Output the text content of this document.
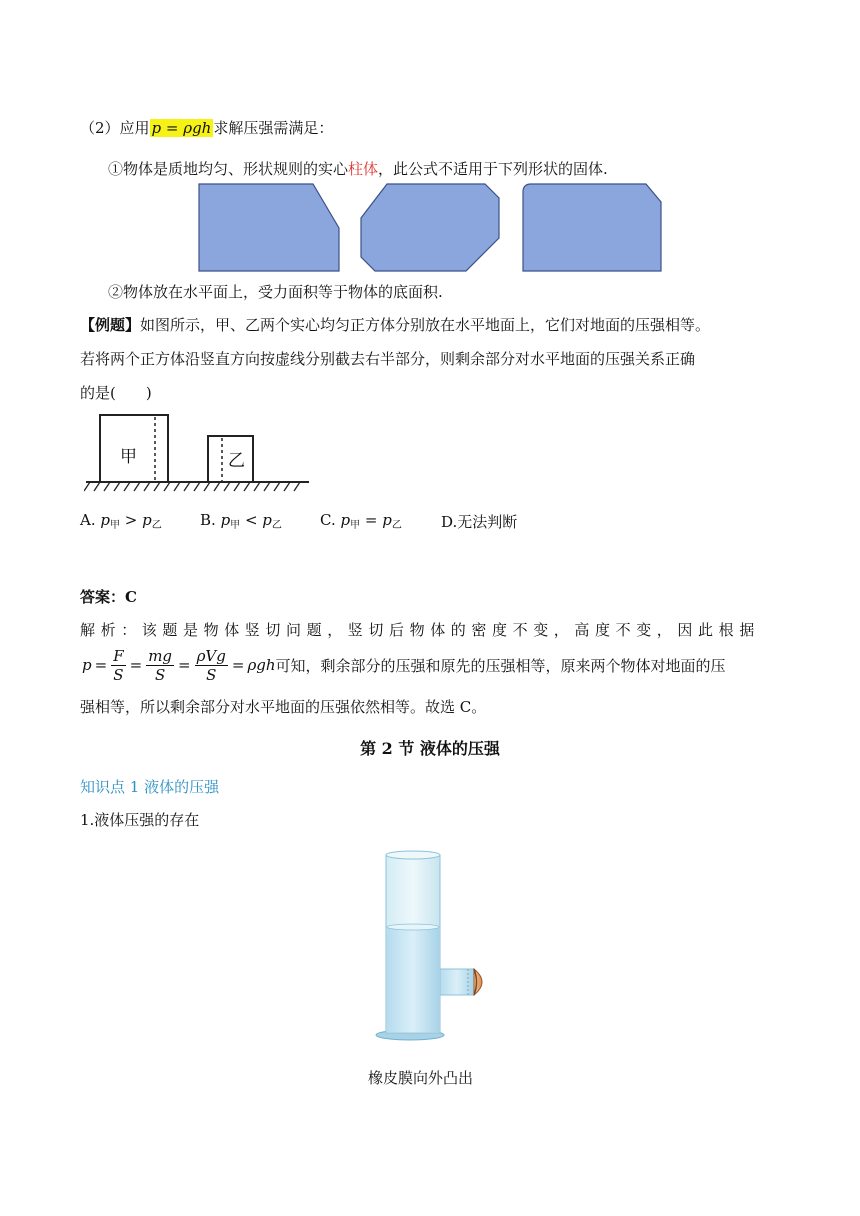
（2）应用 p = ρgh 求解压强需满足：
①物体是质地均匀、形状规则的实心柱体，此公式不适用于下列形状的固体.
②物体放在水平面上，受力面积等于物体的底面积.
【例题】如图所示，甲、乙两个实心均匀正方体分别放在水平地面上，它们对地面的压强相等。
若将两个正方体沿竖直方向按虚线分别截去右半部分，则剩余部分对水平地面的压强关系正确
的是(　　)
甲	乙
A. $p_甲 > p_乙$	B. $p_甲 < p_乙$	C. $p_甲 = p_乙$	D.无法判断
答案：C
解析：该题是物体竖切问题，竖切后物体的密度不变，高度不变，因此根据
$p = \frac{F}{S} = \frac{mg}{S} = \frac{\text{ρVg}}{S} = \rho gh$ 可知，剩余部分的压强和原先的压强相等，原来两个物体对地面的压
强相等，所以剩余部分对水平地面的压强依然相等。故选 C。
第 2 节 液体的压强
知识点 1 液体的压强
1.液体压强的存在
橡皮膜向外凸出
